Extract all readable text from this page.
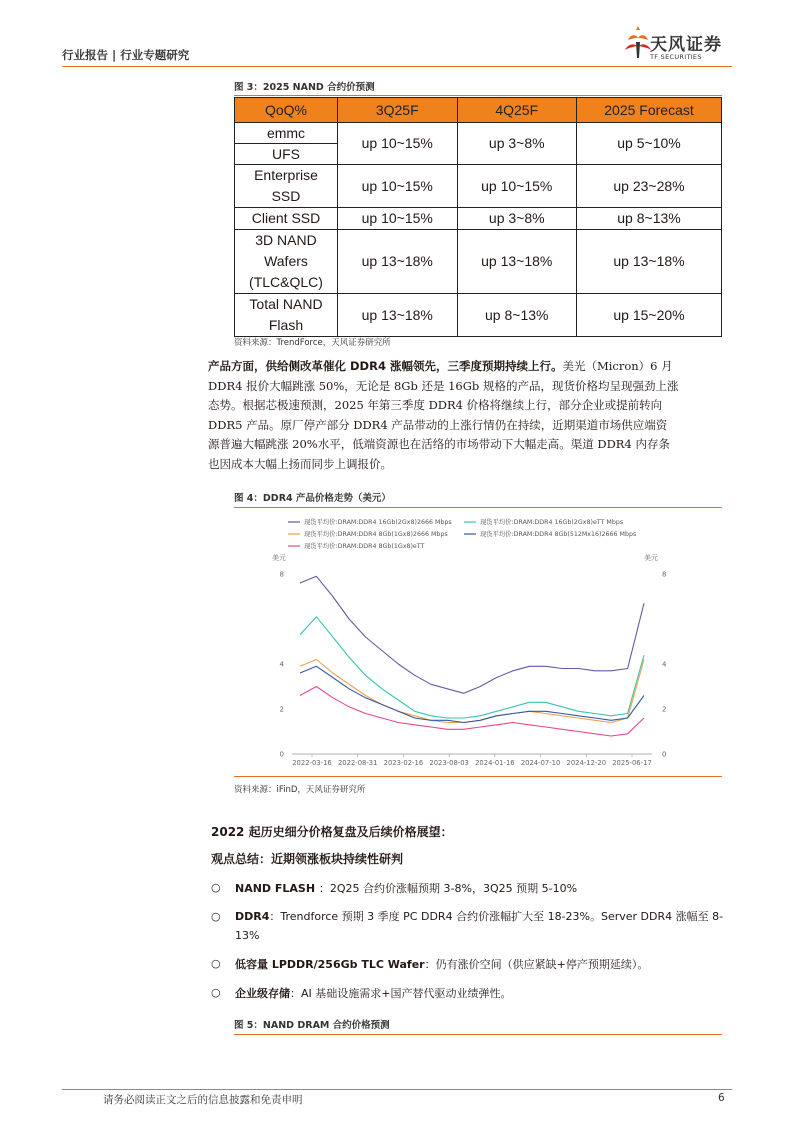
行业报告 | 行业专题研究	天风证券
TF SECURITIES
图 3：2025 NAND 合约价预测
QoQ%	3Q25F	4Q25F	2025 Forecast

emmc
UFS	up 10~15%	up 3~8%	up 5~10%
Enterprise
SSD	up 10~15%	up 10~15%	up 23~28%
Client SSD	up 10~15%	up 3~8%	up 8~13%
3D NAND
Wafers
(TLC&QLC)	up 13~18%	up 13~18%	up 13~18%
Total NAND
Flash	up 13~18%	up 8~13%	up 15~20%
资料来源：TrendForce，天风证券研究所
产品方面，供给侧改革催化 DDR4 涨幅领先，三季度预期持续上行。美光（Micron）6 月
DDR4 报价大幅跳涨 50%，无论是 8Gb 还是 16Gb 规格的产品，现货价格均呈现强劲上涨
态势。根据芯极速预测，2025 年第三季度 DDR4 价格将继续上行，部分企业或提前转向
DDR5 产品。原厂停产部分 DDR4 产品带动的上涨行情仍在持续，近期渠道市场供应端资
源普遍大幅跳涨 20%水平，低端资源也在活络的市场带动下大幅走高。渠道 DDR4 内存条
也因成本大幅上扬而同步上调报价。
图 4：DDR4 产品价格走势（美元）
现货平均价:DRAM:DDR4 16Gb(2Gx8)2666 Mbps	现货平均价:DRAM:DDR4 16Gb(2Gx8)eTT Mbps
现货平均价:DRAM:DDR4 8Gb(1Gx8)2666 Mbps	现货平均价:DRAM:DDR4 8Gb(512Mx16)2666 Mbps
现货平均价:DRAM:DDR4 8Gb(1Gx8)eTT
美元	美元
0	0
2	2
4	4
8	8
2022-03-16 2022-08-31 2023-02-16 2023-08-03 2024-01-16 2024-07-10 2024-12-20 2025-06-17
资料来源：iFinD，天风证券研究所
2022 起历史细分价格复盘及后续价格展望：
观点总结：近期领涨板块持续性研判
○ NAND FLASH ：2Q25 合约价涨幅预期 3-8%，3Q25 预期 5-10%
○ DDR4：Trendforce 预期 3 季度 PC DDR4 合约价涨幅扩大至 18-23%。Server DDR4 涨幅至 8-13%
○ 低容量 LPDDR/256Gb TLC Wafer：仍有涨价空间（供应紧缺+停产预期延续）。
○ 企业级存储：AI 基础设施需求+国产替代驱动业绩弹性。
图 5：NAND DRAM 合约价格预测
请务必阅读正文之后的信息披露和免责申明	6
